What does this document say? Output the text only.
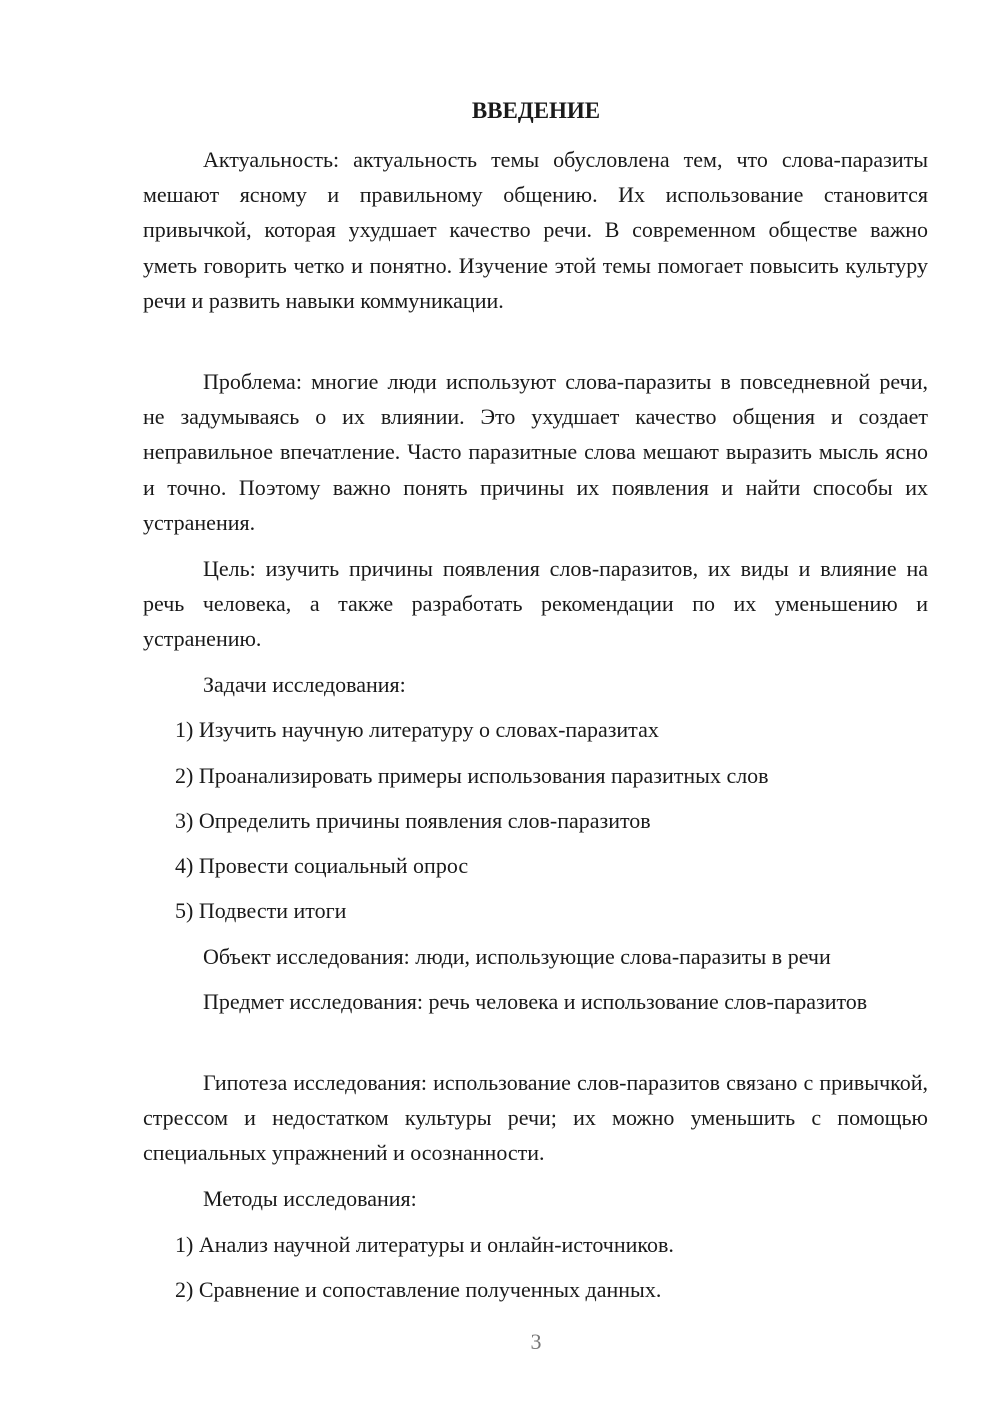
ВВЕДЕНИЕ

Актуальность: актуальность темы обусловлена тем, что слова-паразиты мешают ясному и правильному общению. Их использование становится привычкой, которая ухудшает качество речи. В современном обществе важно уметь говорить четко и понятно. Изучение этой темы помогает повысить культуру речи и развить навыки коммуникации.

Проблема: многие люди используют слова-паразиты в повседневной речи, не задумываясь о их влиянии. Это ухудшает качество общения и создает неправильное впечатление. Часто паразитные слова мешают выразить мысль ясно и точно. Поэтому важно понять причины их появления и найти способы их устранения.

Цель: изучить причины появления слов-паразитов, их виды и влияние на речь человека, а также разработать рекомендации по их уменьшению и устранению.

Задачи исследования:

1) Изучить научную литературу о словах-паразитах

2) Проанализировать примеры использования паразитных слов

3) Определить причины появления слов-паразитов

4) Провести социальный опрос

5) Подвести итоги

Объект исследования: люди, использующие слова-паразиты в речи

Предмет исследования: речь человека и использование слов-паразитов

Гипотеза исследования: использование слов-паразитов связано с привычкой, стрессом и недостатком культуры речи; их можно уменьшить с помощью специальных упражнений и осознанности.

Методы исследования:

1) Анализ научной литературы и онлайн-источников.

2) Сравнение и сопоставление полученных данных.

3
